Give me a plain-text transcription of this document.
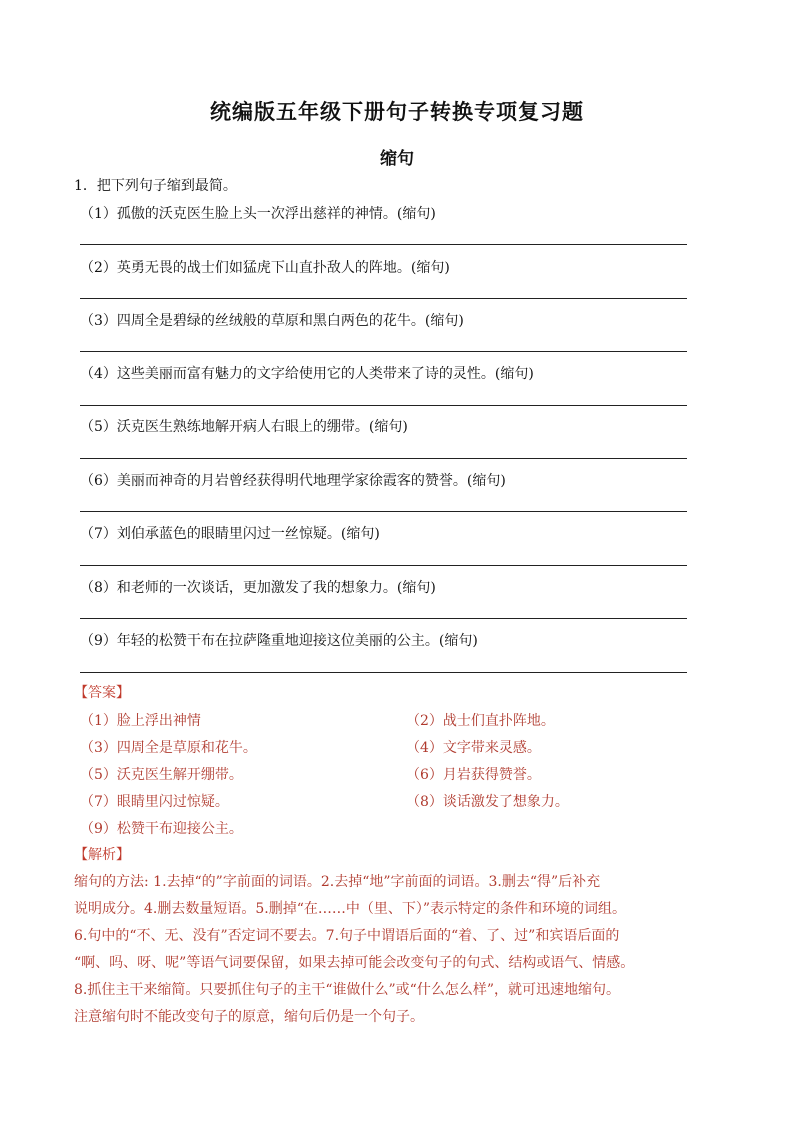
统编版五年级下册句子转换专项复习题
缩句
1．把下列句子缩到最简。
（1）孤傲的沃克医生脸上头一次浮出慈祥的神情。(缩句)
（2）英勇无畏的战士们如猛虎下山直扑敌人的阵地。(缩句)
（3）四周全是碧绿的丝绒般的草原和黑白两色的花牛。(缩句)
（4）这些美丽而富有魅力的文字给使用它的人类带来了诗的灵性。(缩句)
（5）沃克医生熟练地解开病人右眼上的绷带。(缩句)
（6）美丽而神奇的月岩曾经获得明代地理学家徐霞客的赞誉。(缩句)
（7）刘伯承蓝色的眼睛里闪过一丝惊疑。(缩句)
（8）和老师的一次谈话，更加激发了我的想象力。(缩句)
（9）年轻的松赞干布在拉萨隆重地迎接这位美丽的公主。(缩句)
【答案】
（1）脸上浮出神情	（2）战士们直扑阵地。
（3）四周全是草原和花牛。	（4）文字带来灵感。
（5）沃克医生解开绷带。	（6）月岩获得赞誉。
（7）眼睛里闪过惊疑。	（8）谈话激发了想象力。
（9）松赞干布迎接公主。
【解析】
缩句的方法: 1.去掉“的”字前面的词语。2.去掉“地”字前面的词语。3.删去“得”后补充
说明成分。4.删去数量短语。5.删掉“在……中（里、下）”表示特定的条件和环境的词组。
6.句中的“不、无、没有”否定词不要去。7.句子中谓语后面的“着、了、过”和宾语后面的
“啊、吗、呀、呢”等语气词要保留，如果去掉可能会改变句子的句式、结构或语气、情感。
8.抓住主干来缩简。只要抓住句子的主干“谁做什么”或“什么怎么样”，就可迅速地缩句。
注意缩句时不能改变句子的原意，缩句后仍是一个句子。
